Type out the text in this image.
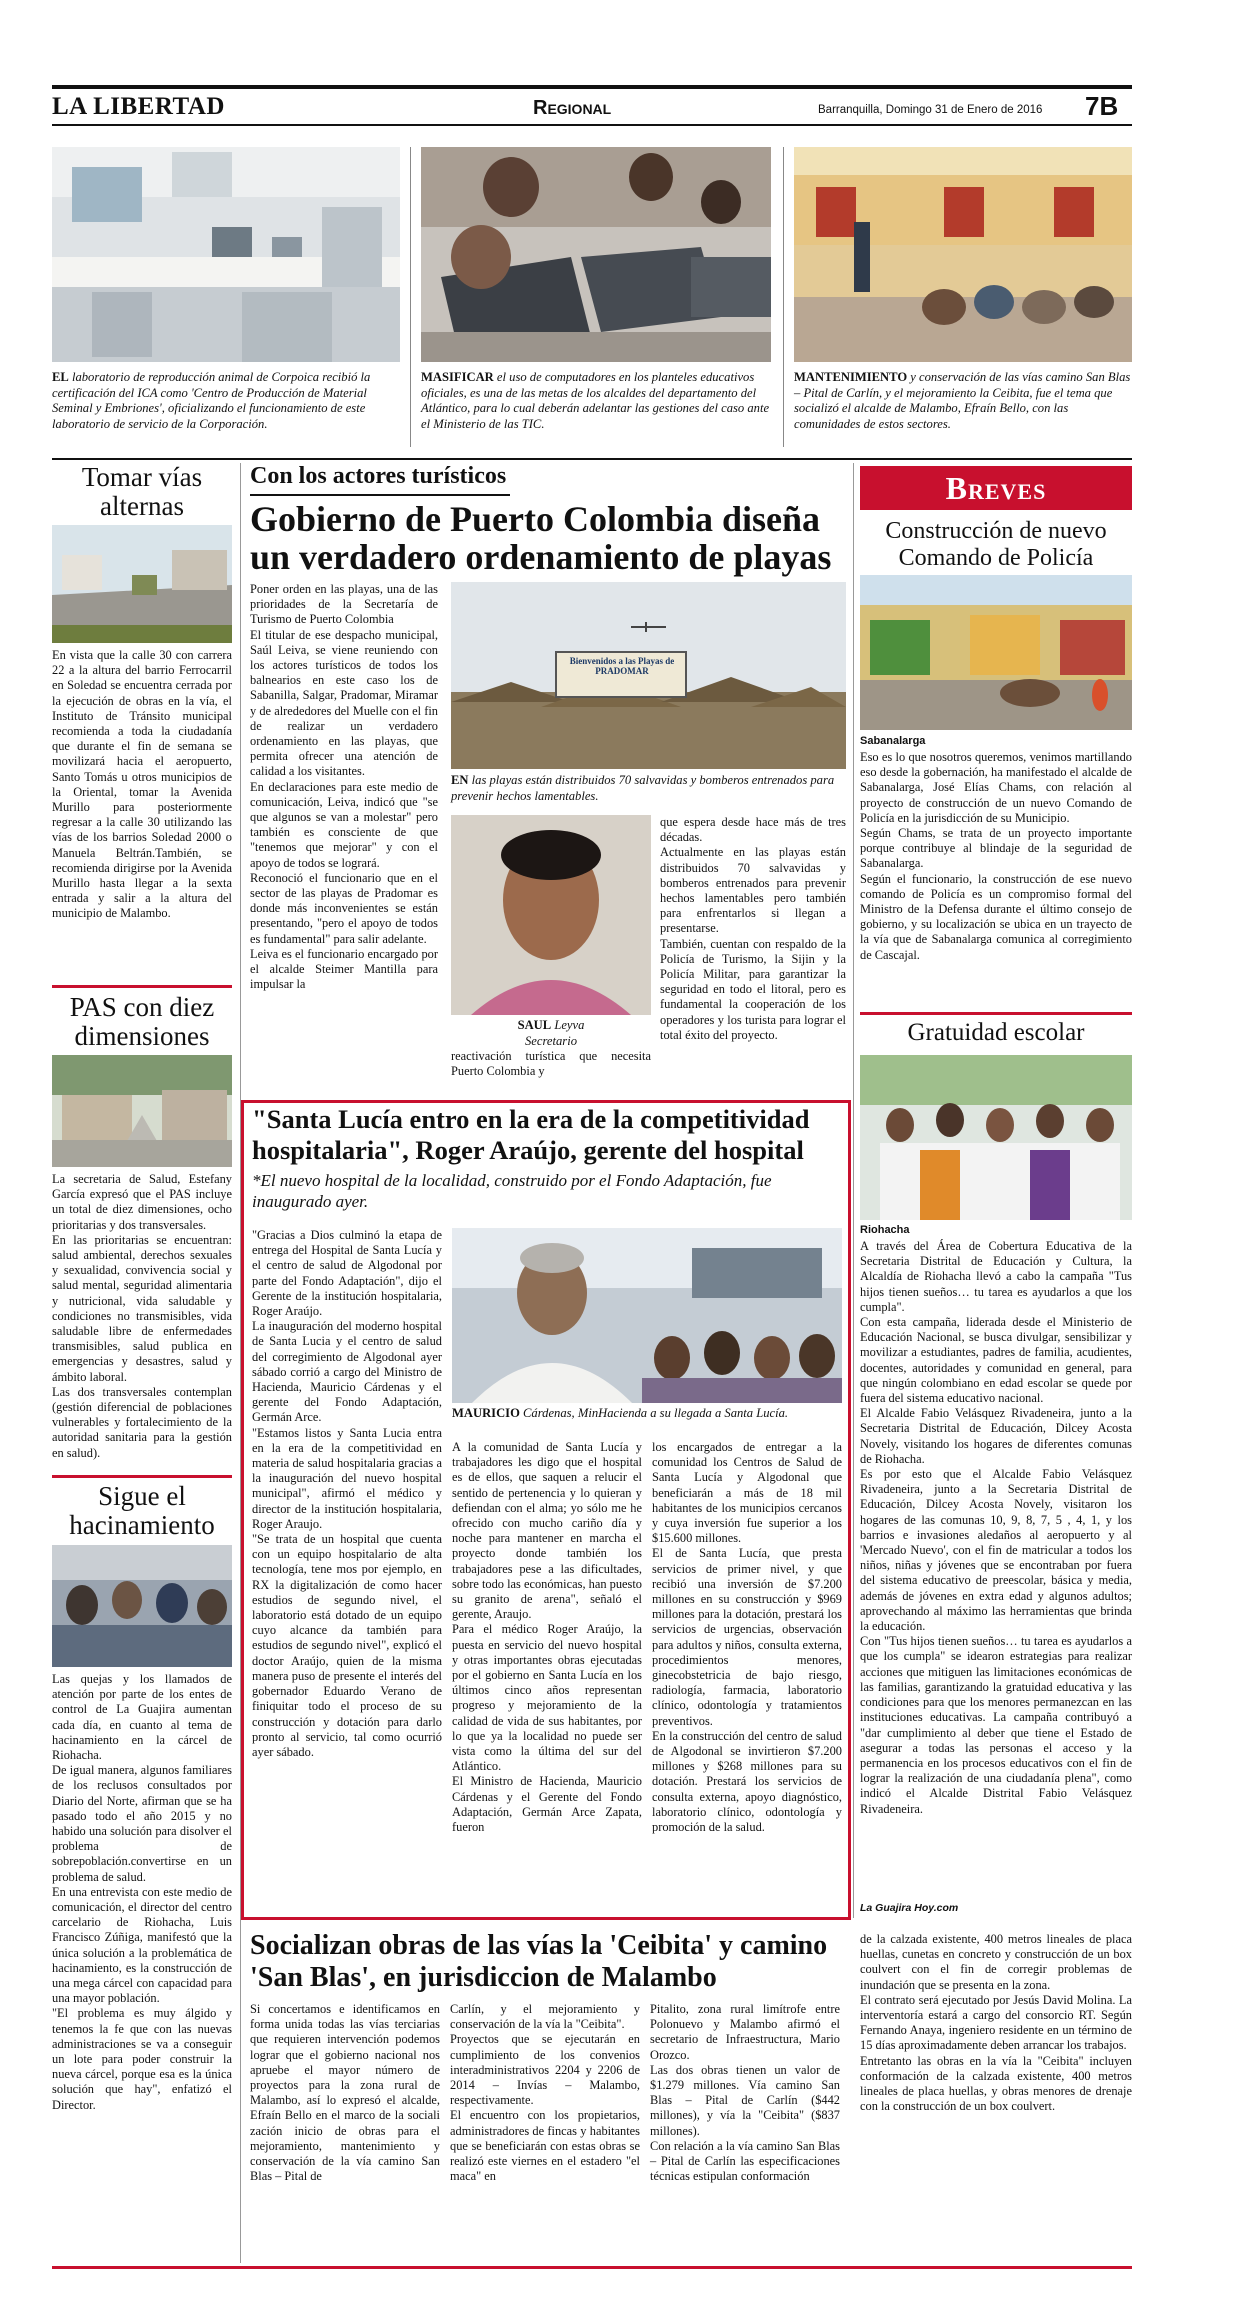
LA LIBERTAD	Regional	Barranquilla, Domingo 31 de Enero de 2016 7B
EL laboratorio de reproducción animal de Corpoica recibió la certificación del ICA como 'Centro de Producción de Material Seminal y Embriones', oficializando el funcionamiento de este laboratorio de servicio de la Corporación.
MASIFICAR el uso de computadores en los planteles educativos oficiales, es una de las metas de los alcaldes del departamento del Atlántico, para lo cual deberán adelantar las gestiones del caso ante el Ministerio de las TIC.
MANTENIMIENTO y conservación de las vías camino San Blas – Pital de Carlín, y el mejoramiento la Ceibita, fue el tema que socializó el alcalde de Malambo, Efraín Bello, con las comunidades de estos sectores.
Tomar vías alternas
En vista que la calle 30 con carrera 22 a la altura del barrio Ferrocarril en Soledad se encuentra cerrada por la ejecución de obras en la vía, el Instituto de Tránsito municipal recomienda a toda la ciudadanía que durante el fin de semana se movilizará hacia el aeropuerto, Santo Tomás u otros municipios de la Oriental, tomar la Avenida Murillo para posteriormente regresar a la calle 30 utilizando las vías de los barrios Soledad 2000 o Manuela Beltrán.También, se recomienda dirigirse por la Avenida Murillo hasta llegar a la sexta entrada y salir a la altura del municipio de Malambo.
PAS con diez dimensiones

La secretaria de Salud, Estefany García expresó que el PAS incluye un total de diez dimensiones, ocho prioritarias y dos transversales.

En las prioritarias se encuentran: salud ambiental, derechos sexuales y sexualidad, convivencia social y salud mental, seguridad alimentaria y nutricional, vida saludable y condiciones no transmisibles, vida saludable libre de enfermedades transmisibles, salud publica en emergencias y desastres, salud y ámbito laboral.

Las dos transversales contemplan (gestión diferencial de poblaciones vulnerables y fortalecimiento de la autoridad sanitaria para la gestión en salud).

Sigue el hacinamiento

Las quejas y los llamados de atención por parte de los entes de control de La Guajira aumentan cada día, en cuanto al tema de hacinamiento en la cárcel de Riohacha.

De igual manera, algunos familiares de los reclusos consultados por Diario del Norte, afirman que se ha pasado todo el año 2015 y no habido una solución para disolver el problema de sobrepoblación.convertirse en un problema de salud.

En una entrevista con este medio de comunicación, el director del centro carcelario de Riohacha, Luis Francisco Zúñiga, manifestó que la única solución a la problemática de hacinamiento, es la construcción de una mega cárcel con capacidad para una mayor población.

"El problema es muy álgido y tenemos la fe que con las nuevas administraciones se va a conseguir un lote para poder construir la nueva cárcel, porque esa es la única solución que hay", enfatizó el Director.

Con los actores turísticos
Gobierno de Puerto Colombia diseña un verdadero ordenamiento de playas

Poner orden en las playas, una de las prioridades de la Secretaría de Turismo de Puerto Colombia

El titular de ese despacho municipal, Saúl Leiva, se viene reuniendo con los actores turísticos de todos los balnearios en este caso los de Sabanilla, Salgar, Pradomar, Miramar y de alrededores del Muelle con el fin de realizar un verdadero ordenamiento en las playas, que permita ofrecer una atención de calidad a los visitantes.

En declaraciones para este medio de comunicación, Leiva, indicó que "se que algunos se van a molestar" pero también es consciente de que "tenemos que mejorar" y con el apoyo de todos se logrará.

Reconoció el funcionario que en el sector de las playas de Pradomar es donde más inconvenientes se están presentando, "pero el apoyo de todos es fundamental" para salir adelante.

Leiva es el funcionario encargado por el alcalde Steimer Mantilla para impulsar la

Bienvenidos a las Playas de PRADOMAR
EN las playas están distribuidos 70 salvavidas y bomberos entrenados para prevenir hechos lamentables.
SAUL Leyva
Secretario
reactivación turística que necesita Puerto Colombia y

que espera desde hace más de tres décadas.

Actualmente en las playas están distribuidos 70 salvavidas y bomberos entrenados para prevenir hechos lamentables pero también para enfrentarlos si llegan a presentarse.

También, cuentan con respaldo de la Policía de Turismo, la Sijin y la Policía Militar, para garantizar la seguridad en todo el litoral, pero es fundamental la cooperación de los operadores y los turista para lograr el total éxito del proyecto.

"Santa Lucía entro en la era de la competitividad hospitalaria", Roger Araújo, gerente del hospital
*El nuevo hospital de la localidad, construido por el Fondo Adaptación, fue inaugurado ayer.

"Gracias a Dios culminó la etapa de entrega del Hospital de Santa Lucía y el centro de salud de Algodonal por parte del Fondo Adaptación", dijo el Gerente de la institución hospitalaria, Roger Araújo.

La inauguración del moderno hospital de Santa Lucia y el centro de salud del corregimiento de Algodonal ayer sábado corrió a cargo del Ministro de Hacienda, Mauricio Cárdenas y el gerente del Fondo Adaptación, Germán Arce.

"Estamos listos y Santa Lucia entra en la era de la competitividad en materia de salud hospitalaria gracias a la inauguración del nuevo hospital municipal", afirmó el médico y director de la institución hospitalaria, Roger Araujo.

"Se trata de un hospital que cuenta con un equipo hospitalario de alta tecnología, tene mos por ejemplo, en RX la digitalización de como hacer estudios de segundo nivel, el laboratorio está dotado de un equipo cuyo alcance da también para estudios de segundo nivel", explicó el doctor Araújo, quien de la misma manera puso de presente el interés del gobernador Eduardo Verano de finiquitar todo el proceso de su construcción y dotación para darlo pronto al servicio, tal como ocurrió ayer sábado.

MAURICIO Cárdenas, MinHacienda a su llegada a Santa Lucía.

A la comunidad de Santa Lucía y trabajadores les digo que el hospital es de ellos, que saquen a relucir el sentido de pertenencia y lo quieran y defiendan con el alma; yo sólo me he ofrecido con mucho cariño día y noche para mantener en marcha el proyecto donde también los trabajadores pese a las dificultades, sobre todo las económicas, han puesto su granito de arena", señaló el gerente, Araujo.

Para el médico Roger Araújo, la puesta en servicio del nuevo hospital y otras importantes obras ejecutadas por el gobierno en Santa Lucía en los últimos cinco años representan progreso y mejoramiento de la calidad de vida de sus habitantes, por lo que ya la localidad no puede ser vista como la última del sur del Atlántico.

El Ministro de Hacienda, Mauricio Cárdenas y el Gerente del Fondo Adaptación, Germán Arce Zapata, fueron

los encargados de entregar a la comunidad los Centros de Salud de Santa Lucía y Algodonal que beneficiarán a más de 18 mil habitantes de los municipios cercanos y cuya inversión fue superior a los $15.600 millones.

El de Santa Lucía, que presta servicios de primer nivel, y que recibió una inversión de $7.200 millones en su construcción y $969 millones para la dotación, prestará los servicios de urgencias, observación para adultos y niños, consulta externa, procedimientos menores, ginecobstetricia de bajo riesgo, radiología, farmacia, laboratorio clínico, odontología y tratamientos preventivos.

En la construcción del centro de salud de Algodonal se invirtieron $7.200 millones y $268 millones para su dotación. Prestará los servicios de consulta externa, apoyo diagnóstico, laboratorio clínico, odontología y promoción de la salud.

Socializan obras de las vías la 'Ceibita' y camino 'San Blas', en jurisdiccion de Malambo
Si concertamos e identificamos en forma unida todas las vías terciarias que requieren intervención podemos lograr que el gobierno nacional nos apruebe el mayor número de proyectos para la zona rural de Malambo, así lo expresó el alcalde, Efraín Bello en el marco de la sociali zación inicio de obras para el mejoramiento, mantenimiento y conservación de la vía camino San Blas – Pital de

Carlín, y el mejoramiento y conservación de la vía la "Ceibita".

Proyectos que se ejecutarán en cumplimiento de los convenios interadministrativos 2204 y 2206 de 2014 – Invías – Malambo, respectivamente.

El encuentro con los propietarios, administradores de fincas y habitantes que se beneficiarán con estas obras se realizó este viernes en el estadero "el maca" en

Pitalito, zona rural limítrofe entre Polonuevo y Malambo afirmó el secretario de Infraestructura, Mario Orozco.

Las dos obras tienen un valor de $1.279 millones. Vía camino San Blas – Pital de Carlín ($442 millones), y vía la "Ceibita" ($837 millones).

Con relación a la vía camino San Blas – Pital de Carlín las especificaciones técnicas estipulan conformación

de la calzada existente, 400 metros lineales de placa huellas, cunetas en concreto y construcción de un box coulvert con el fin de corregir problemas de inundación que se presenta en la zona.

El contrato será ejecutado por Jesús David Molina. La interventoría estará a cargo del consorcio RT. Según Fernando Anaya, ingeniero residente en un término de 15 días aproximadamente deben arrancar los trabajos.

Entretanto las obras en la vía la "Ceibita" incluyen conformación de la calzada existente, 400 metros lineales de placa huellas, y obras menores de drenaje con la construcción de un box coulvert.

Breves
Construcción de nuevo Comando de Policía
Sabanalarga

Eso es lo que nosotros queremos, venimos martillando eso desde la gobernación, ha manifestado el alcalde de Sabanalarga, José Elías Chams, con relación al proyecto de construcción de un nuevo Comando de Policía en la jurisdicción de su Municipio.

Según Chams, se trata de un proyecto importante porque contribuye al blindaje de la seguridad de Sabanalarga.

Según el funcionario, la construcción de ese nuevo comando de Policía es un compromiso formal del Ministro de la Defensa durante el último consejo de gobierno, y su localización se ubica en un trayecto de la vía que de Sabanalarga comunica al corregimiento de Cascajal.

Gratuidad escolar
Riohacha

A través del Área de Cobertura Educativa de la Secretaria Distrital de Educación y Cultura, la Alcaldía de Riohacha llevó a cabo la campaña "Tus hijos tienen sueños… tu tarea es ayudarlos a que los cumpla".

Con esta campaña, liderada desde el Ministerio de Educación Nacional, se busca divulgar, sensibilizar y movilizar a estudiantes, padres de familia, acudientes, docentes, autoridades y comunidad en general, para que ningún colombiano en edad escolar se quede por fuera del sistema educativo nacional.

El Alcalde Fabio Velásquez Rivadeneira, junto a la Secretaria Distrital de Educación, Dilcey Acosta Novely, visitando los hogares de diferentes comunas de Riohacha.

Es por esto que el Alcalde Fabio Velásquez Rivadeneira, junto a la Secretaria Distrital de Educación, Dilcey Acosta Novely, visitaron los hogares de las comunas 10, 9, 8, 7, 5 , 4, 1, y los barrios e invasiones aledaños al aeropuerto y al 'Mercado Nuevo', con el fin de matricular a todos los niños, niñas y jóvenes que se encontraban por fuera del sistema educativo de preescolar, básica y media, además de jóvenes en extra edad y algunos adultos; aprovechando al máximo las herramientas que brinda la educación.

Con "Tus hijos tienen sueños… tu tarea es ayudarlos a que los cumpla" se idearon estrategias para realizar acciones que mitiguen las limitaciones económicas de las familias, garantizando la gratuidad educativa y las condiciones para que los menores permanezcan en las instituciones educativas. La campaña contribuyó a "dar cumplimiento al deber que tiene el Estado de asegurar a todas las personas el acceso y la permanencia en los procesos educativos con el fin de lograr la realización de una ciudadanía plena", como indicó el Alcalde Distrital Fabio Velásquez Rivadeneira.

La Guajira Hoy.com
